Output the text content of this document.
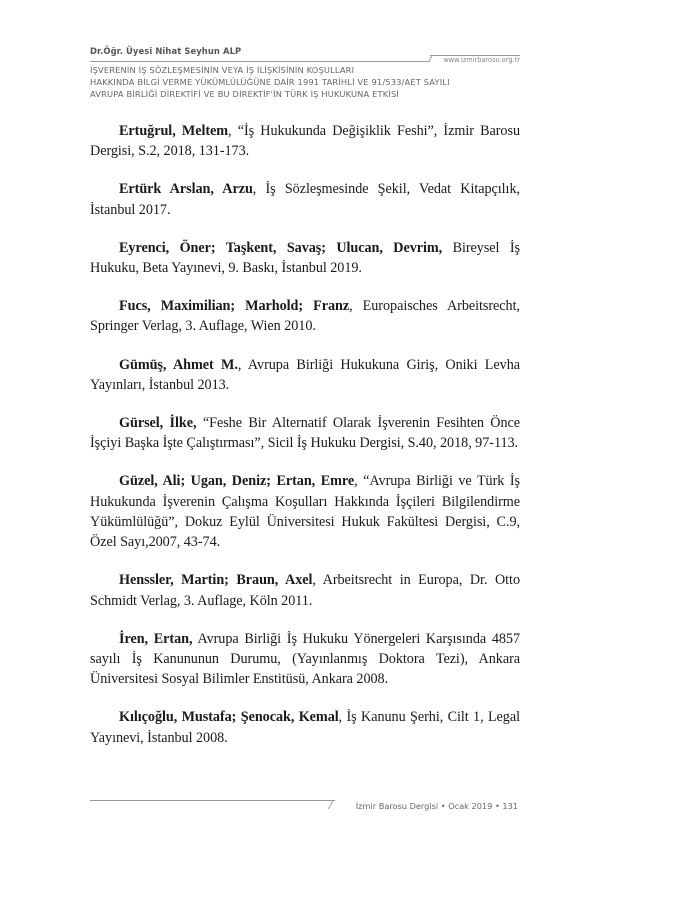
Dr.Öğr. Üyesi Nihat Seyhun ALP
www.izmirbarosu.org.tr
İŞVERENİN İŞ SÖZLEŞMESİNİN VEYA İŞ İLİŞKİSİNİN KOŞULLARI
HAKKINDA BİLGİ VERME YÜKÜMLÜLÜĞÜNE DAİR 1991 TARİHLİ VE 91/533/AET SAYILI
AVRUPA BİRLİĞİ DİREKTİFİ VE BU DİREKTİF'İN TÜRK İŞ HUKUKUNA ETKİSİ

Ertuğrul, Meltem, “İş Hukukunda Değişiklik Feshi”, İzmir Barosu Dergisi, S.2, 2018, 131-173.

Ertürk Arslan, Arzu, İş Sözleşmesinde Şekil, Vedat Kitapçılık, İstanbul 2017.

Eyrenci, Öner; Taşkent, Savaş; Ulucan, Devrim, Bireysel İş Hukuku, Beta Yayınevi, 9. Baskı, İstanbul 2019.

Fucs, Maximilian; Marhold; Franz, Europaisches Arbeitsrecht, Springer Verlag, 3. Auflage, Wien 2010.

Gümüş, Ahmet M., Avrupa Birliği Hukukuna Giriş, Oniki Levha Yayınları, İstanbul 2013.

Gürsel, İlke, “Feshe Bir Alternatif Olarak İşverenin Fesihten Önce İşçiyi Başka İşte Çalıştırması”, Sicil İş Hukuku Dergisi, S.40, 2018, 97-113.

Güzel, Ali; Ugan, Deniz; Ertan, Emre, “Avrupa Birliği ve Türk İş Hukukunda İşverenin Çalışma Koşulları Hakkında İşçileri Bilgilendirme Yükümlülüğü”, Dokuz Eylül Üniversitesi Hukuk Fakültesi Dergisi, C.9, Özel Sayı,2007, 43-74.

Henssler, Martin; Braun, Axel, Arbeitsrecht in Europa, Dr. Otto Schmidt Verlag, 3. Auflage, Köln 2011.

İren, Ertan, Avrupa Birliği İş Hukuku Yönergeleri Karşısında 4857 sayılı İş Kanununun Durumu, (Yayınlanmış Doktora Tezi), Ankara Üniversitesi Sosyal Bilimler Enstitüsü, Ankara 2008.

Kılıçoğlu, Mustafa; Şenocak, Kemal, İş Kanunu Şerhi, Cilt 1, Legal Yayınevi, İstanbul 2008.

İzmir Barosu Dergisi • Ocak 2019 • 131
